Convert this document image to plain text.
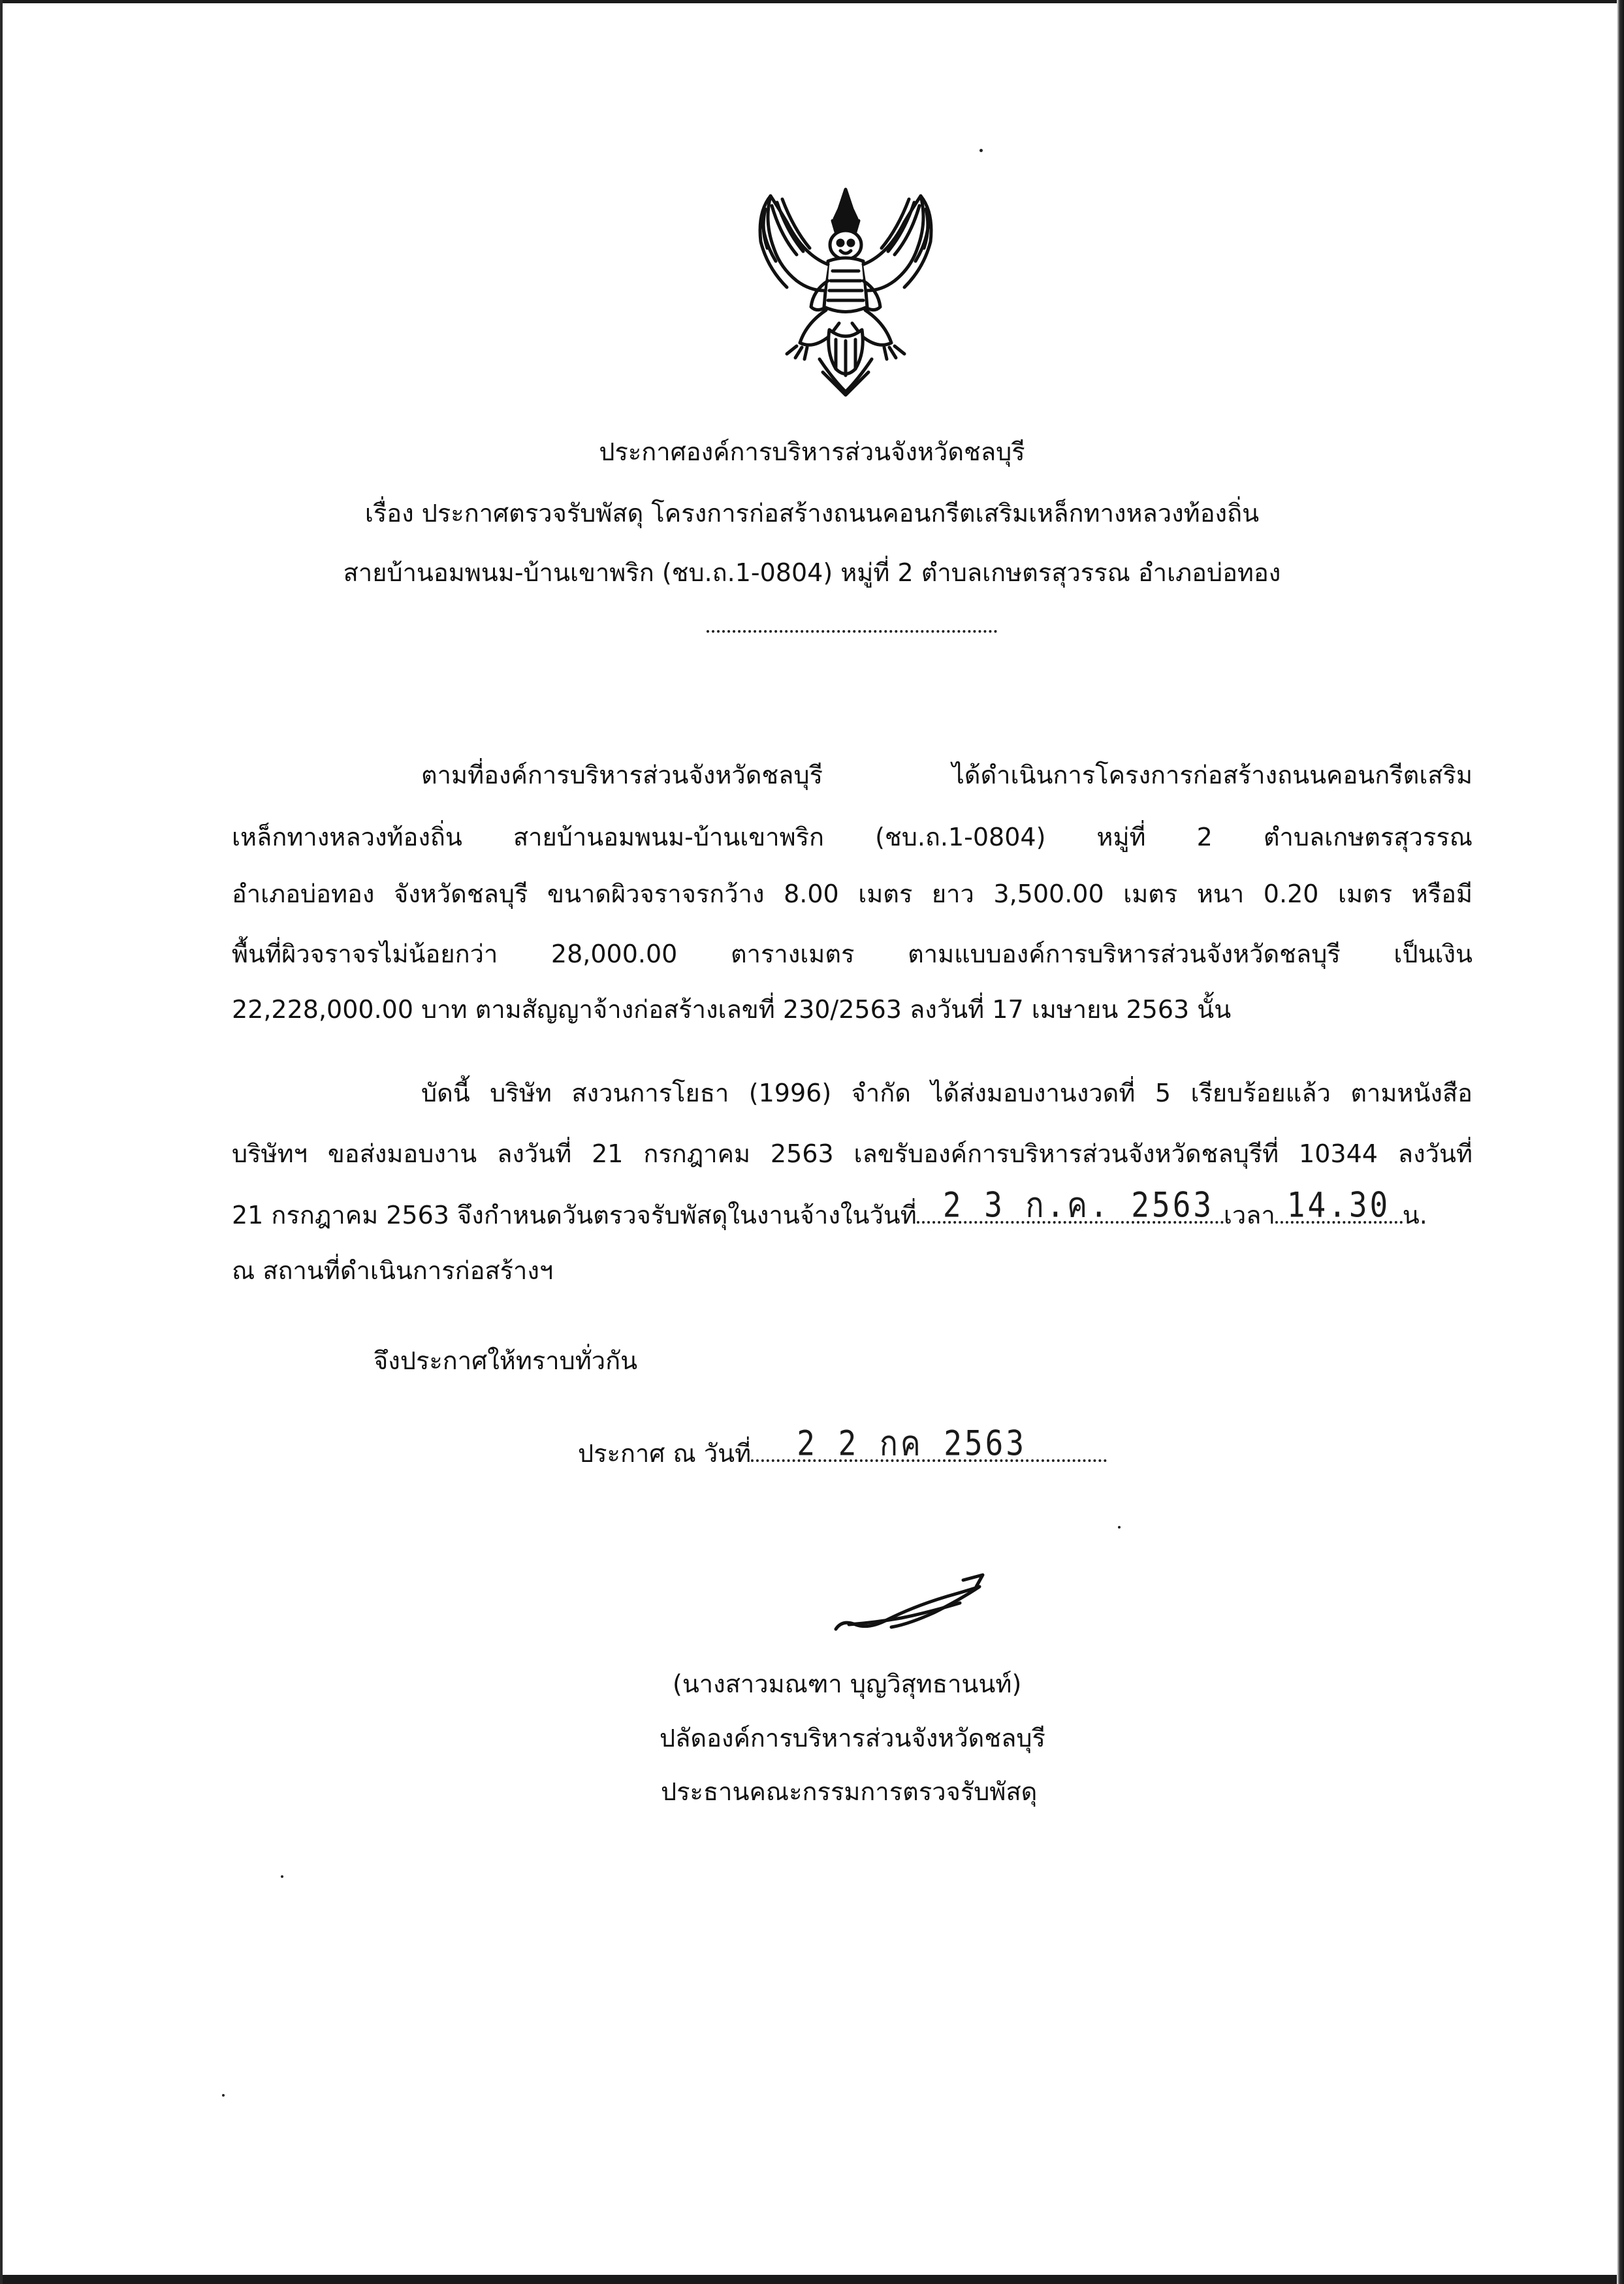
ประกาศองค์การบริหารส่วนจังหวัดชลบุรี
เรื่อง ประกาศตรวจรับพัสดุ โครงการก่อสร้างถนนคอนกรีตเสริมเหล็กทางหลวงท้องถิ่น
สายบ้านอมพนม-บ้านเขาพริก (ชบ.ถ.1-0804) หมู่ที่ 2 ตำบลเกษตรสุวรรณ อำเภอบ่อทอง
ตามที่องค์การบริหารส่วนจังหวัดชลบุรี ได้ดำเนินการโครงการก่อสร้างถนนคอนกรีตเสริม
เหล็กทางหลวงท้องถิ่น สายบ้านอมพนม-บ้านเขาพริก (ชบ.ถ.1-0804) หมู่ที่ 2 ตำบลเกษตรสุวรรณ
อำเภอบ่อทอง จังหวัดชลบุรี ขนาดผิวจราจรกว้าง 8.00 เมตร ยาว 3,500.00 เมตร หนา 0.20 เมตร หรือมี
พื้นที่ผิวจราจรไม่น้อยกว่า 28,000.00 ตารางเมตร ตามแบบองค์การบริหารส่วนจังหวัดชลบุรี เป็นเงิน
22,228,000.00 บาท ตามสัญญาจ้างก่อสร้างเลขที่ 230/2563 ลงวันที่ 17 เมษายน 2563 นั้น
บัดนี้ บริษัท สงวนการโยธา (1996) จำกัด ได้ส่งมอบงานงวดที่ 5 เรียบร้อยแล้ว ตามหนังสือ
บริษัทฯ ขอส่งมอบงาน ลงวันที่ 21 กรกฎาคม 2563 เลขรับองค์การบริหารส่วนจังหวัดชลบุรีที่ 10344 ลงวันที่
21 กรกฎาคม 2563 จึงกำหนดวันตรวจรับพัสดุในงานจ้างในวันที่ 2 3 ก.ค. 2563 เวลา 14.30 น.
ณ สถานที่ดำเนินการก่อสร้างฯ
จึงประกาศให้ทราบทั่วกัน
ประกาศ ณ วันที่ 2 2 กค 2563
(นางสาวมณฑา บุญวิสุทธานนท์)
ปลัดองค์การบริหารส่วนจังหวัดชลบุรี
ประธานคณะกรรมการตรวจรับพัสดุ
